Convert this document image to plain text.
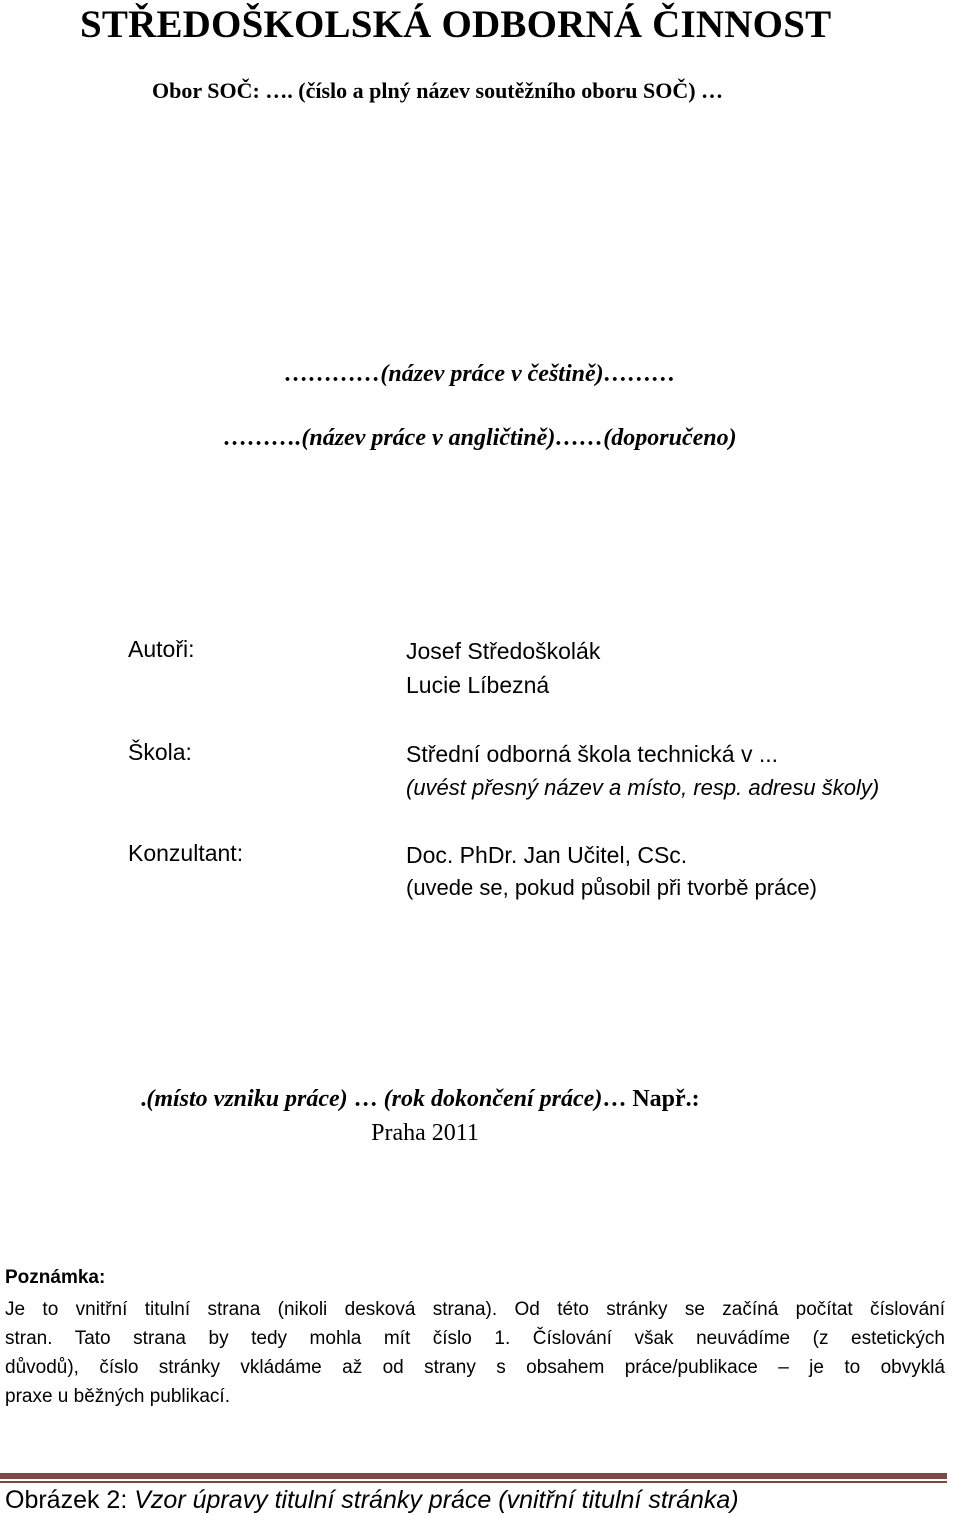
STŘEDOŠKOLSKÁ ODBORNÁ ČINNOST
Obor SOČ: …. (číslo a plný název soutěžního oboru SOČ) …
…………(název práce v češtině)………
……….(název práce v angličtině)……(doporučeno)
Autoři:	Josef Středoškolák
Lucie Líbezná
Škola:	Střední odborná škola technická v ...
(uvést přesný název a místo, resp. adresu školy)
Konzultant:	Doc. PhDr. Jan Učitel, CSc.
(uvede se, pokud působil při tvorbě práce)
.(místo vzniku práce) … (rok dokončení práce)… Např.:
Praha 2011
Poznámka:
Je to vnitřní titulní strana (nikoli desková strana). Od této stránky se začíná počítat číslování
stran. Tato strana by tedy mohla mít číslo 1. Číslování však neuvádíme (z estetických
důvodů), číslo stránky vkládáme až od strany s obsahem práce/publikace – je to obvyklá
praxe u běžných publikací.
Obrázek 2: Vzor úpravy titulní stránky práce (vnitřní titulní stránka)
